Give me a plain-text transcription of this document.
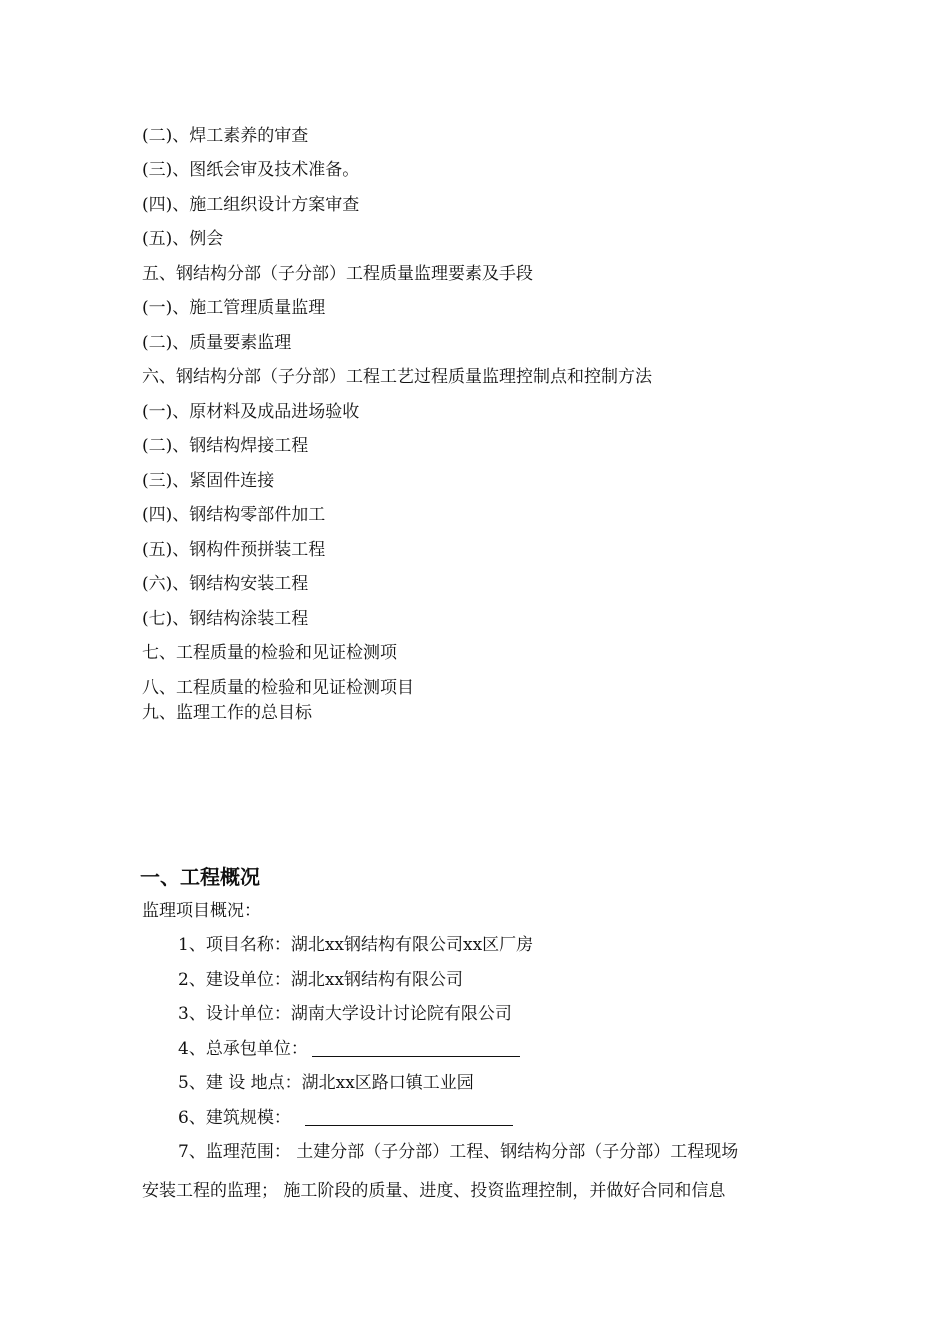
(二)、焊工素养的审查
(三)、图纸会审及技术准备。
(四)、施工组织设计方案审查
(五)、例会
五、钢结构分部（子分部）工程质量监理要素及手段
(一)、施工管理质量监理
(二)、质量要素监理
六、钢结构分部（子分部）工程工艺过程质量监理控制点和控制方法
(一)、原材料及成品进场验收
(二)、钢结构焊接工程
(三)、紧固件连接
(四)、钢结构零部件加工
(五)、钢构件预拼装工程
(六)、钢结构安装工程
(七)、钢结构涂装工程
七、工程质量的检验和见证检测项
八、工程质量的检验和见证检测项目
九、监理工作的总目标
一、工程概况
监理项目概况：
1、项目名称：湖北xx钢结构有限公司xx区厂房
2、建设单位：湖北xx钢结构有限公司
3、设计单位：湖南大学设计讨论院有限公司
4、总承包单位：
5、建 设 地点：湖北xx区路口镇工业园
6、建筑规模：
7、监理范围： 土建分部（子分部）工程、钢结构分部（子分部）工程现场
安装工程的监理； 施工阶段的质量、进度、投资监理控制，并做好合同和信息
